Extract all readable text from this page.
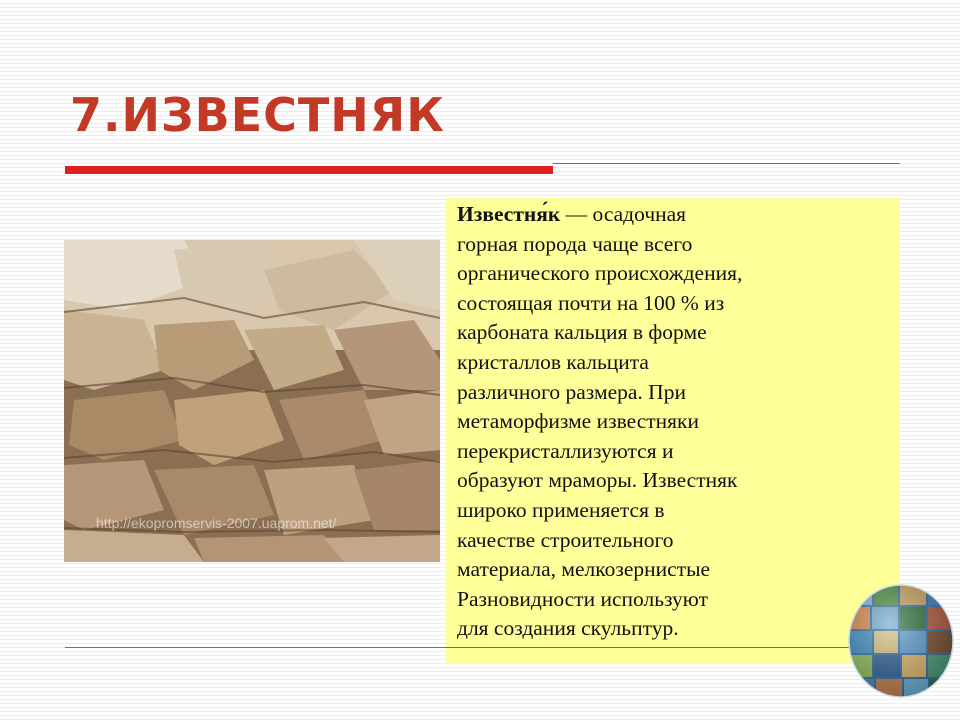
7.ИЗВЕСТНЯК
http://ekopromservis-2007.uaprom.net/
Известня́к — осадочная
горная порода чаще всего
органического происхождения,
состоящая почти на 100 % из
карбоната кальция в форме
кристаллов кальцита
различного размера. При
метаморфизме известняки
перекристаллизуются и
образуют мраморы. Известняк
широко применяется в
качестве строительного
материала, мелкозернистые
Разновидности используют
для создания скульптур.
